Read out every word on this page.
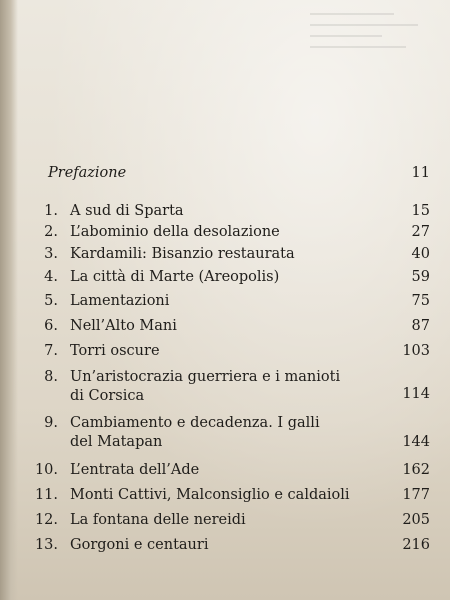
Prefazione	11
1. A sud di Sparta	15
2. L’abominio della desolazione	27
3. Kardamili: Bisanzio restaurata	40
4. La città di Marte (Areopolis)	59
5. Lamentazioni	75
6. Nell’Alto Mani	87
7. Torri oscure	103
8. Un’aristocrazia guerriera e i manioti
di Corsica	114
9. Cambiamento e decadenza. I galli
del Matapan	144
10. L’entrata dell’Ade	162
11. Monti Cattivi, Malconsiglio e caldaioli	177
12. La fontana delle nereidi	205
13. Gorgoni e centauri	216
